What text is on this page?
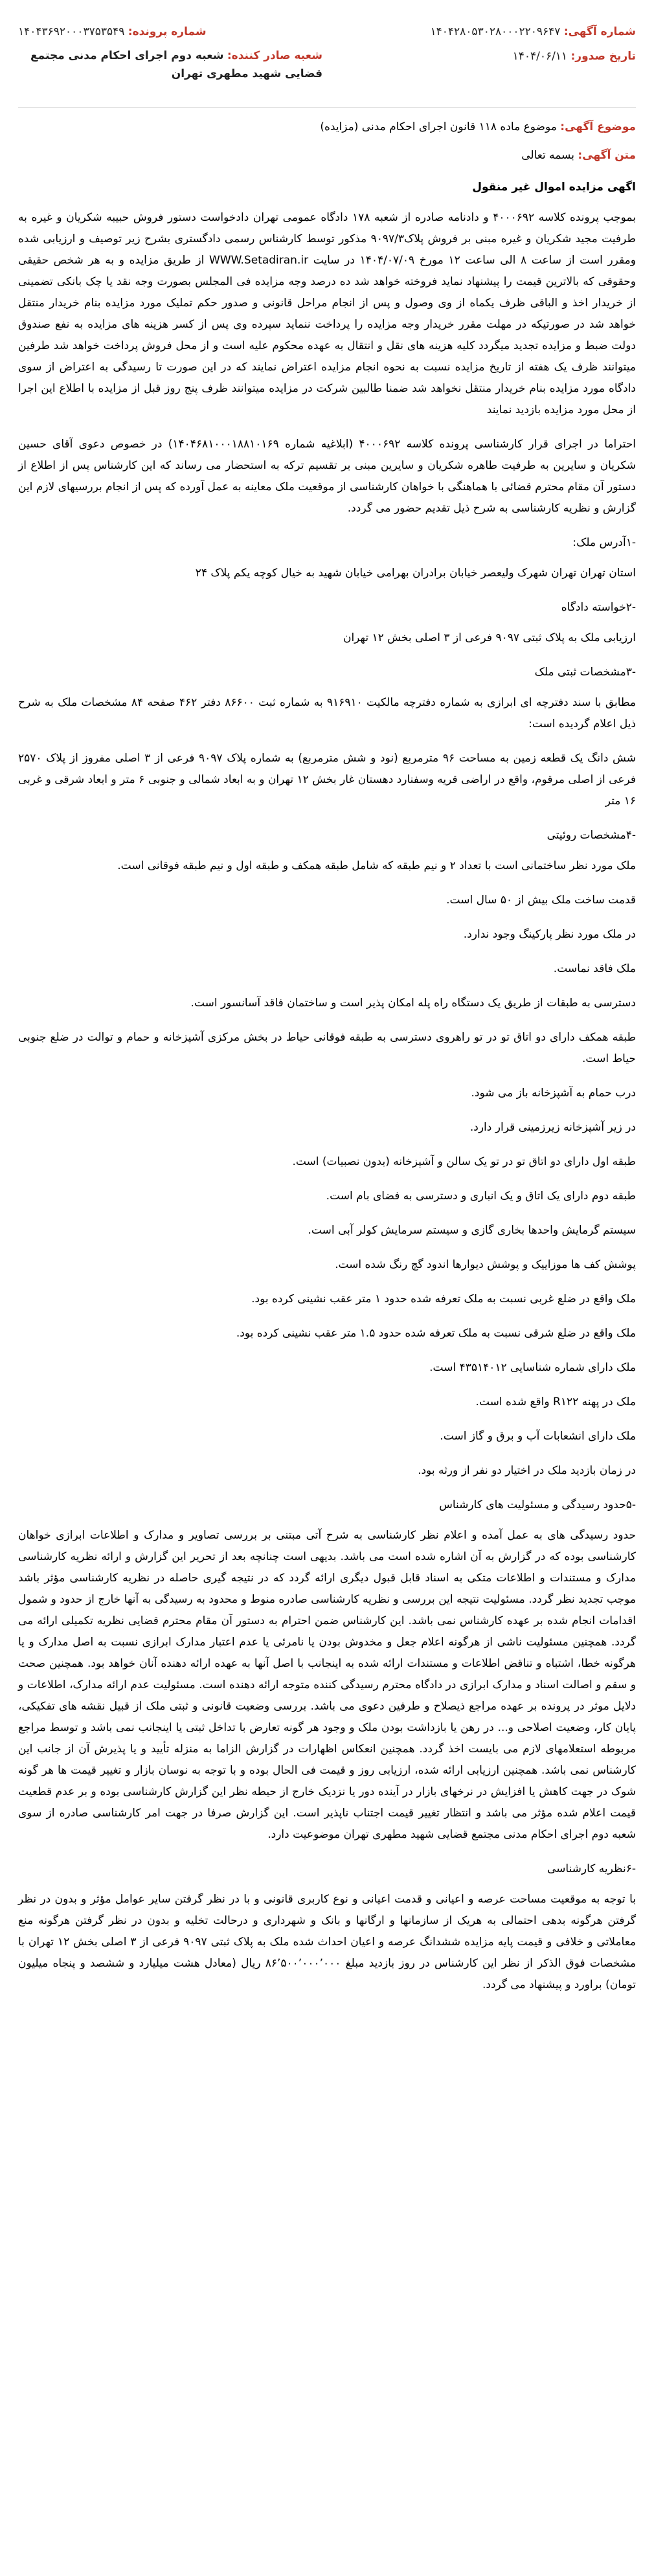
شماره آگهی: ۱۴۰۴۲۸۰۵۳۰۲۸۰۰۰۲۲۰۹۶۴۷
تاریخ صدور: ۱۴۰۴/۰۶/۱۱
شماره پرونده: ۱۴۰۴۳۶۹۲۰۰۰۳۷۵۳۵۴۹
شعبه صادر کننده: شعبه دوم اجرای احکام مدنی مجتمع قضایی شهید مطهری تهران
موضوع آگهی: موضوع ماده ۱۱۸ قانون اجرای احکام مدنی (مزایده)
متن آگهی: بسمه تعالی

اگهی مزایده اموال غیر منقول

بموجب پرونده کلاسه ۴۰۰۰۶۹۲ و دادنامه صادره از شعبه ۱۷۸ دادگاه عمومی تهران دادخواست دستور فروش حبیبه شکریان و غیره به طرفیت مجید شکریان و غیره مبنی بر فروش پلاک۹۰۹۷/۳ مذکور توسط کارشناس رسمی دادگستری بشرح زیر توصیف و ارزیابی شده ومقرر است از ساعت ۸ الی ساعت ۱۲ مورخ ۱۴۰۴/۰۷/۰۹ در سایت WWW.Setadiran.ir از طریق مزایده و به هر شخص حقیقی وحقوقی که بالاترین قیمت را پیشنهاد نماید فروخته خواهد شد ده درصد وجه مزایده فی المجلس بصورت وجه نقد یا چک بانکی تضمینی از خریدار اخذ و الباقی ظرف یکماه از وی وصول و پس از انجام مراحل قانونی و صدور حکم تملیک مورد مزایده بنام خریدار منتقل خواهد شد در صورتیکه در مهلت مقرر خریدار وجه مزایده را پرداخت ننماید سپرده وی پس از کسر هزینه های مزایده به نفع صندوق دولت ضبط و مزایده تجدید میگردد کلیه هزینه های نقل و انتقال به عهده محکوم علیه است و از محل فروش پرداخت خواهد شد طرفین میتوانند ظرف یک هفته از تاریخ مزایده نسبت به نحوه انجام مزایده اعتراض نمایند که در این صورت تا رسیدگی به اعتراض از سوی دادگاه مورد مزایده بنام خریدار منتقل نخواهد شد ضمنا طالبین شرکت در مزایده میتوانند ظرف پنج روز قبل از مزایده با اطلاع این اجرا از محل مورد مزایده بازدید نمایند

احتراما در اجرای قرار کارشناسی پرونده کلاسه ۴۰۰۰۶۹۲ (ابلاغیه شماره ۱۴۰۴۶۸۱۰۰۰۱۸۸۱۰۱۶۹) در خصوص دعوی آقای حسین شکریان و سایرین به طرفیت طاهره شکریان و سایرین مبنی بر تقسیم ترکه به استحضار می رساند که این کارشناس پس از اطلاع از دستور آن مقام محترم قضائی با هماهنگی با خواهان کارشناسی از موقعیت ملک معاینه به عمل آورده که پس از انجام بررسیهای لازم این گزارش و نظریه کارشناسی به شرح ذیل تقدیم حضور می گردد.

-۱آدرس ملک:

استان تهران تهران شهرک ولیعصر خیابان برادران بهرامی خیابان شهید به خیال کوچه یکم پلاک ۲۴

-۲خواسته دادگاه

ارزیابی ملک به پلاک ثبتی ۹۰۹۷ فرعی از ۳ اصلی بخش ۱۲ تهران

-۳مشخصات ثبتی ملک

مطابق با سند دفترچه ای ابرازی به شماره دفترچه مالکیت ۹۱۶۹۱۰ به شماره ثبت ۸۶۶۰۰ دفتر ۴۶۲ صفحه ۸۴ مشخصات ملک به شرح ذیل اعلام گردیده است:

شش دانگ یک قطعه زمین به مساحت ۹۶ مترمربع (نود و شش مترمربع) به شماره پلاک ۹۰۹۷ فرعی از ۳ اصلی مفروز از پلاک ۲۵۷۰ فرعی از اصلی مرقوم، واقع در اراضی قریه وسفنارد دهستان غار بخش ۱۲ تهران و به ابعاد شمالی و جنوبی ۶ متر و ابعاد شرقی و غربی ۱۶ متر

-۴مشخصات روئیتی

ملک مورد نظر ساختمانی است با تعداد ۲ و نیم طبقه که شامل طبقه همکف و طبقه اول و نیم طبقه فوقانی است.

قدمت ساخت ملک بیش از ۵۰ سال است.

در ملک مورد نظر پارکینگ وجود ندارد.

ملک فاقد نماست.

دسترسی به طبقات از طریق یک دستگاه راه پله امکان پذیر است و ساختمان فاقد آسانسور است.

طبقه همکف دارای دو اتاق تو در تو راهروی دسترسی به طبقه فوقانی حیاط در بخش مرکزی آشپزخانه و حمام و توالت در ضلع جنوبی حیاط است.

درب حمام به آشپزخانه باز می شود.

در زیر آشپزخانه زیرزمینی قرار دارد.

طبقه اول دارای دو اتاق تو در تو یک سالن و آشپزخانه (بدون نصبیات) است.

طبقه دوم دارای یک اتاق و یک انباری و دسترسی به فضای بام است.

سیستم گرمایش واحدها بخاری گازی و سیستم سرمایش کولر آبی است.

پوشش کف ها موزاییک و پوشش دیوارها اندود گچ رنگ شده است.

ملک واقع در ضلع غربی نسبت به ملک تعرفه شده حدود ۱ متر عقب نشینی کرده بود.

ملک واقع در ضلع شرقی نسبت به ملک تعرفه شده حدود ۱.۵ متر عقب نشینی کرده بود.

ملک دارای شماره شناسایی ۴۳۵۱۴۰۱۲ است.

ملک در پهنه R۱۲۲ واقع شده است.

ملک دارای انشعابات آب و برق و گاز است.

در زمان بازدید ملک در اختیار دو نفر از ورثه بود.

-۵حدود رسیدگی و مسئولیت های کارشناس

حدود رسیدگی های به عمل آمده و اعلام نظر کارشناسی به شرح آتی مبتنی بر بررسی تصاویر و مدارک و اطلاعات ابرازی خواهان کارشناسی بوده که در گزارش به آن اشاره شده است می باشد. بدیهی است چنانچه بعد از تحریر این گزارش و ارائه نظریه کارشناسی مدارک و مستندات و اطلاعات متکی به اسناد قابل قبول دیگری ارائه گردد که در نتیجه گیری حاصله در نظریه کارشناسی مؤثر باشد موجب تجدید نظر گردد. مسئولیت نتیجه این بررسی و نظریه کارشناسی صادره منوط و محدود به رسیدگی به آنها خارج از حدود و شمول اقدامات انجام شده بر عهده کارشناس نمی باشد. این کارشناس ضمن احترام به دستور آن مقام محترم قضایی نظریه تکمیلی ارائه می گردد. همچنین مسئولیت ناشی از هرگونه اعلام جعل و مخدوش بودن یا نامرئی یا عدم اعتبار مدارک ابرازی نسبت به اصل مدارک و یا هرگونه خطا، اشتباه و تناقض اطلاعات و مستندات ارائه شده به اینجانب با اصل آنها به عهده ارائه دهنده آنان خواهد بود. همچنین صحت و سقم و اصالت اسناد و مدارک ابرازی در دادگاه محترم رسیدگی کننده متوجه ارائه دهنده است. مسئولیت عدم ارائه مدارک، اطلاعات و دلایل موثر در پرونده بر عهده مراجع ذیصلاح و طرفین دعوی می باشد. بررسی وضعیت قانونی و ثبتی ملک از قبیل نقشه های تفکیکی، پایان کار، وضعیت اصلاحی و... در رهن یا بازداشت بودن ملک و وجود هر گونه تعارض با تداخل ثبتی یا اینجانب نمی باشد و توسط مراجع مربوطه استعلامهای لازم می بایست اخذ گردد. همچنین انعکاس اظهارات در گزارش الزاما به منزله تأیید و یا پذیرش آن از جانب این کارشناس نمی باشد. همچنین ارزیابی ارائه شده، ارزیابی روز و قیمت فی الحال بوده و با توجه به نوسان بازار و تغییر قیمت ها هر گونه شوک در جهت کاهش یا افزایش در نرخهای بازار در آینده دور یا نزدیک خارج از حیطه نظر این گزارش کارشناسی بوده و بر عدم قطعیت قیمت اعلام شده مؤثر می باشد و انتظار تغییر قیمت اجتناب ناپذیر است. این گزارش صرفا در جهت امر کارشناسی صادره از سوی شعبه دوم اجرای احکام مدنی مجتمع قضایی شهید مطهری تهران موضوعیت دارد.

-۶نظریه کارشناسی

با توجه به موقعیت مساحت عرصه و اعیانی و قدمت اعیانی و نوع کاربری قانونی و با در نظر گرفتن سایر عوامل مؤثر و بدون در نظر گرفتن هرگونه بدهی احتمالی به هریک از سازمانها و ارگانها و بانک و شهرداری و درحالت تخلیه و بدون در نظر گرفتن هرگونه منع معاملاتی و خلافی و قیمت پایه مزایده ششدانگ عرصه و اعیان احداث شده ملک به پلاک ثبتی ۹۰۹۷ فرعی از ۳ اصلی بخش ۱۲ تهران با مشخصات فوق الذکر از نظر این کارشناس در روز بازدید مبلغ ۸۶٬۵۰۰٬۰۰۰٬۰۰۰ ریال (معادل هشت میلیارد و ششصد و پنجاه میلیون تومان) براورد و پیشنهاد می گردد.
